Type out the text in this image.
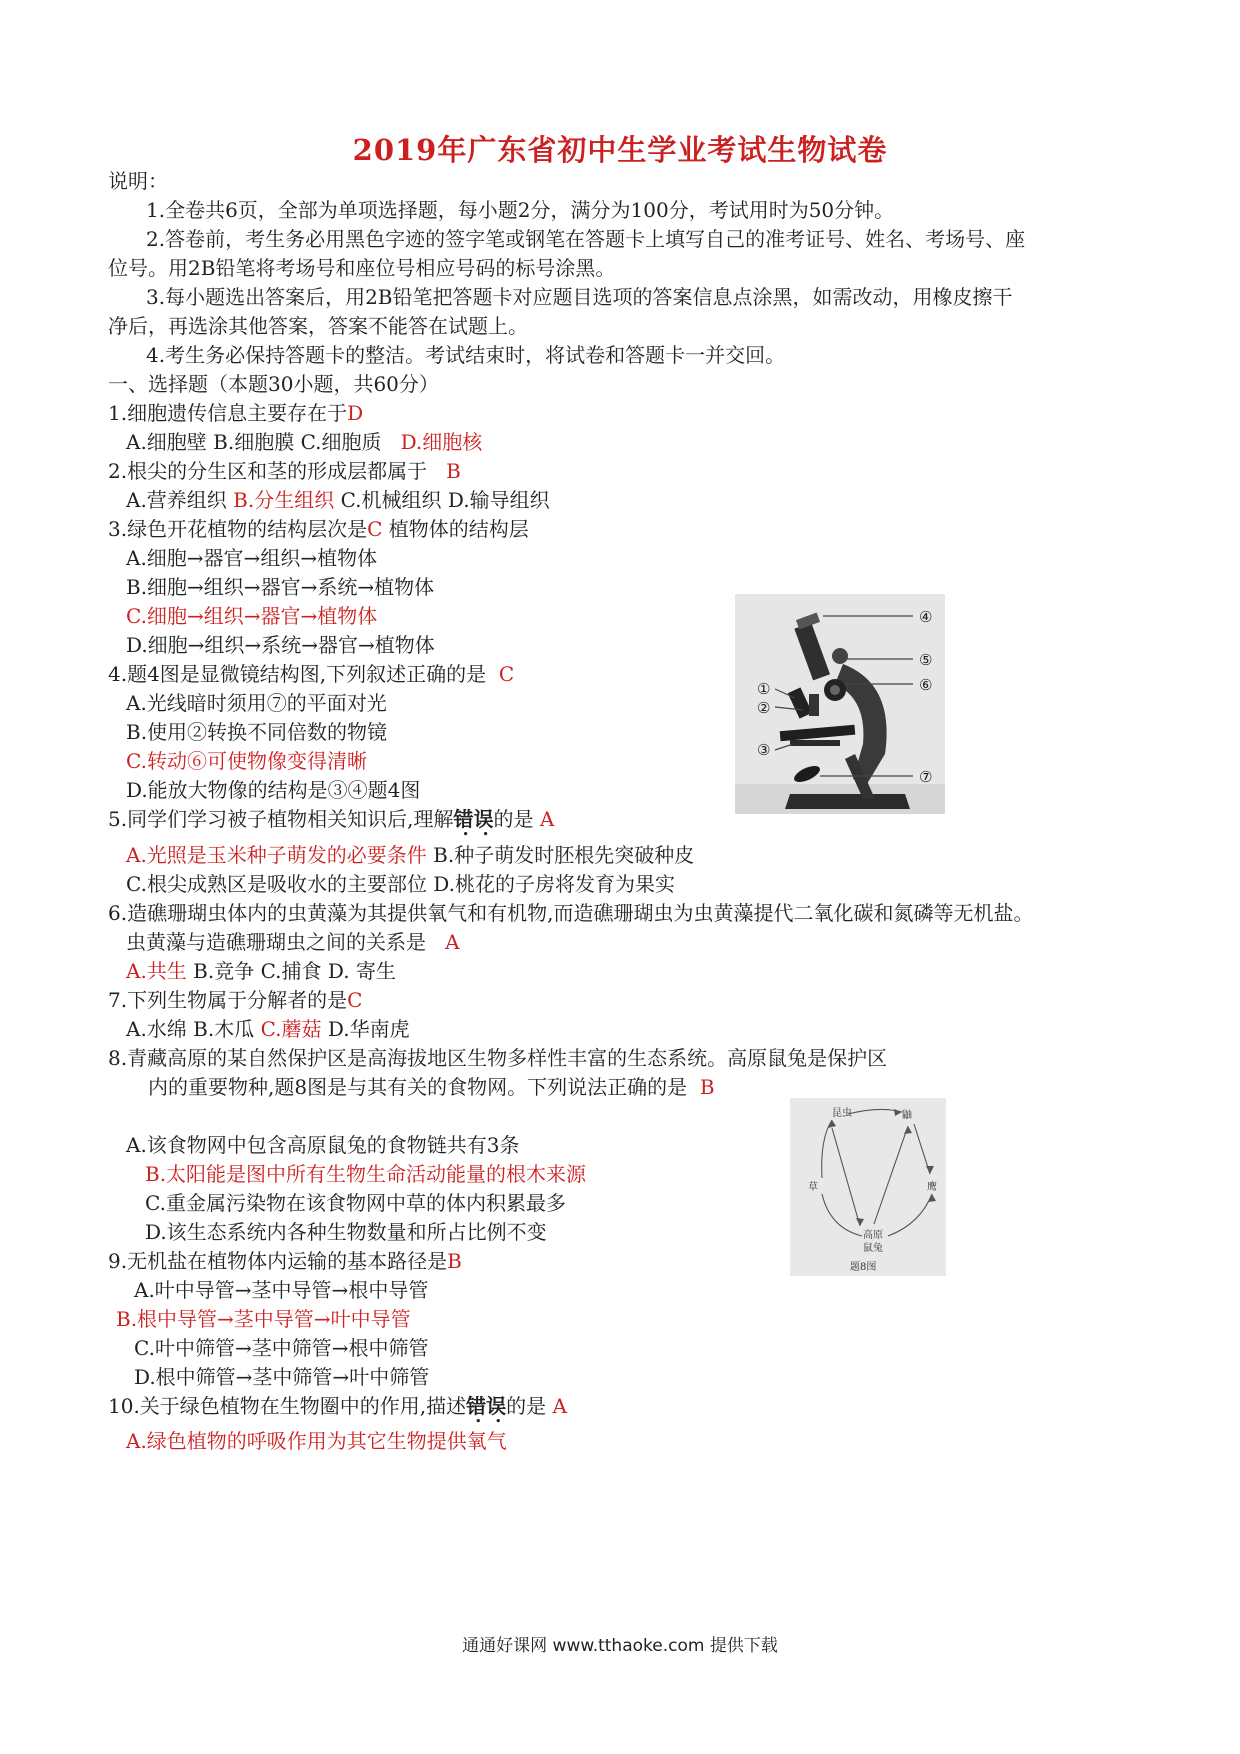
2019年广东省初中生学业考试生物试卷
说明：
1.全卷共6页，全部为单项选择题，每小题2分，满分为100分，考试用时为50分钟。
2.答卷前，考生务必用黑色字迹的签字笔或钢笔在答题卡上填写自己的准考证号、姓名、考场号、座
位号。用2B铅笔将考场号和座位号相应号码的标号涂黑。
3.每小题选出答案后，用2B铅笔把答题卡对应题目选项的答案信息点涂黑，如需改动，用橡皮擦干
净后，再选涂其他答案，答案不能答在试题上。
4.考生务必保持答题卡的整洁。考试结束时，将试卷和答题卡一并交回。
一、选择题（本题30小题，共60分）
1.细胞遗传信息主要存在于D
A.细胞壁 B.细胞膜 C.细胞质 D.细胞核
2.根尖的分生区和茎的形成层都属于 B
A.营养组织 B.分生组织 C.机械组织 D.输导组织
3.绿色开花植物的结构层次是C 植物体的结构层
A.细胞→器官→组织→植物体
B.细胞→组织→器官→系统→植物体
C.细胞→组织→器官→植物体
D.细胞→组织→系统→器官→植物体
4.题4图是显微镜结构图,下列叙述正确的是 C
A.光线暗时须用⑦的平面对光
B.使用②转换不同倍数的物镜
C.转动⑥可使物像变得清晰
D.能放大物像的结构是③④题4图
④
⑤
⑥
①
②
③
⑦
5.同学们学习被子植物相关知识后,理解错误的是 A
A.光照是玉米种子萌发的必要条件 B.种子萌发时胚根先突破种皮
C.根尖成熟区是吸收水的主要部位 D.桃花的子房将发育为果实
6.造礁珊瑚虫体内的虫黄藻为其提供氧气和有机物,而造礁珊瑚虫为虫黄藻提代二氧化碳和氮磷等无机盐。
虫黄藻与造礁珊瑚虫之间的关系是 A
A.共生 B.竞争 C.捕食 D. 寄生
7.下列生物属于分解者的是C
A.水绵 B.木瓜 C.蘑菇 D.华南虎
8.青藏高原的某自然保护区是高海拔地区生物多样性丰富的生态系统。高原鼠兔是保护区
内的重要物种,题8图是与其有关的食物网。下列说法正确的是 B
A.该食物网中包含高原鼠兔的食物链共有3条
B.太阳能是图中所有生物生命活动能量的根木来源
C.重金属污染物在该食物网中草的体内积累最多
D.该生态系统内各种生物数量和所占比例不变
昆虫	鼬
草	鹰
高原
鼠兔
题8图
9.无机盐在植物体内运输的基本路径是B
A.叶中导管→茎中导管→根中导管
B.根中导管→茎中导管→叶中导管
C.叶中筛管→茎中筛管→根中筛管
D.根中筛管→茎中筛管→叶中筛管
10.关于绿色植物在生物圈中的作用,描述错误的是 A
A.绿色植物的呼吸作用为其它生物提供氧气
通通好课网 www.tthaoke.com 提供下载
